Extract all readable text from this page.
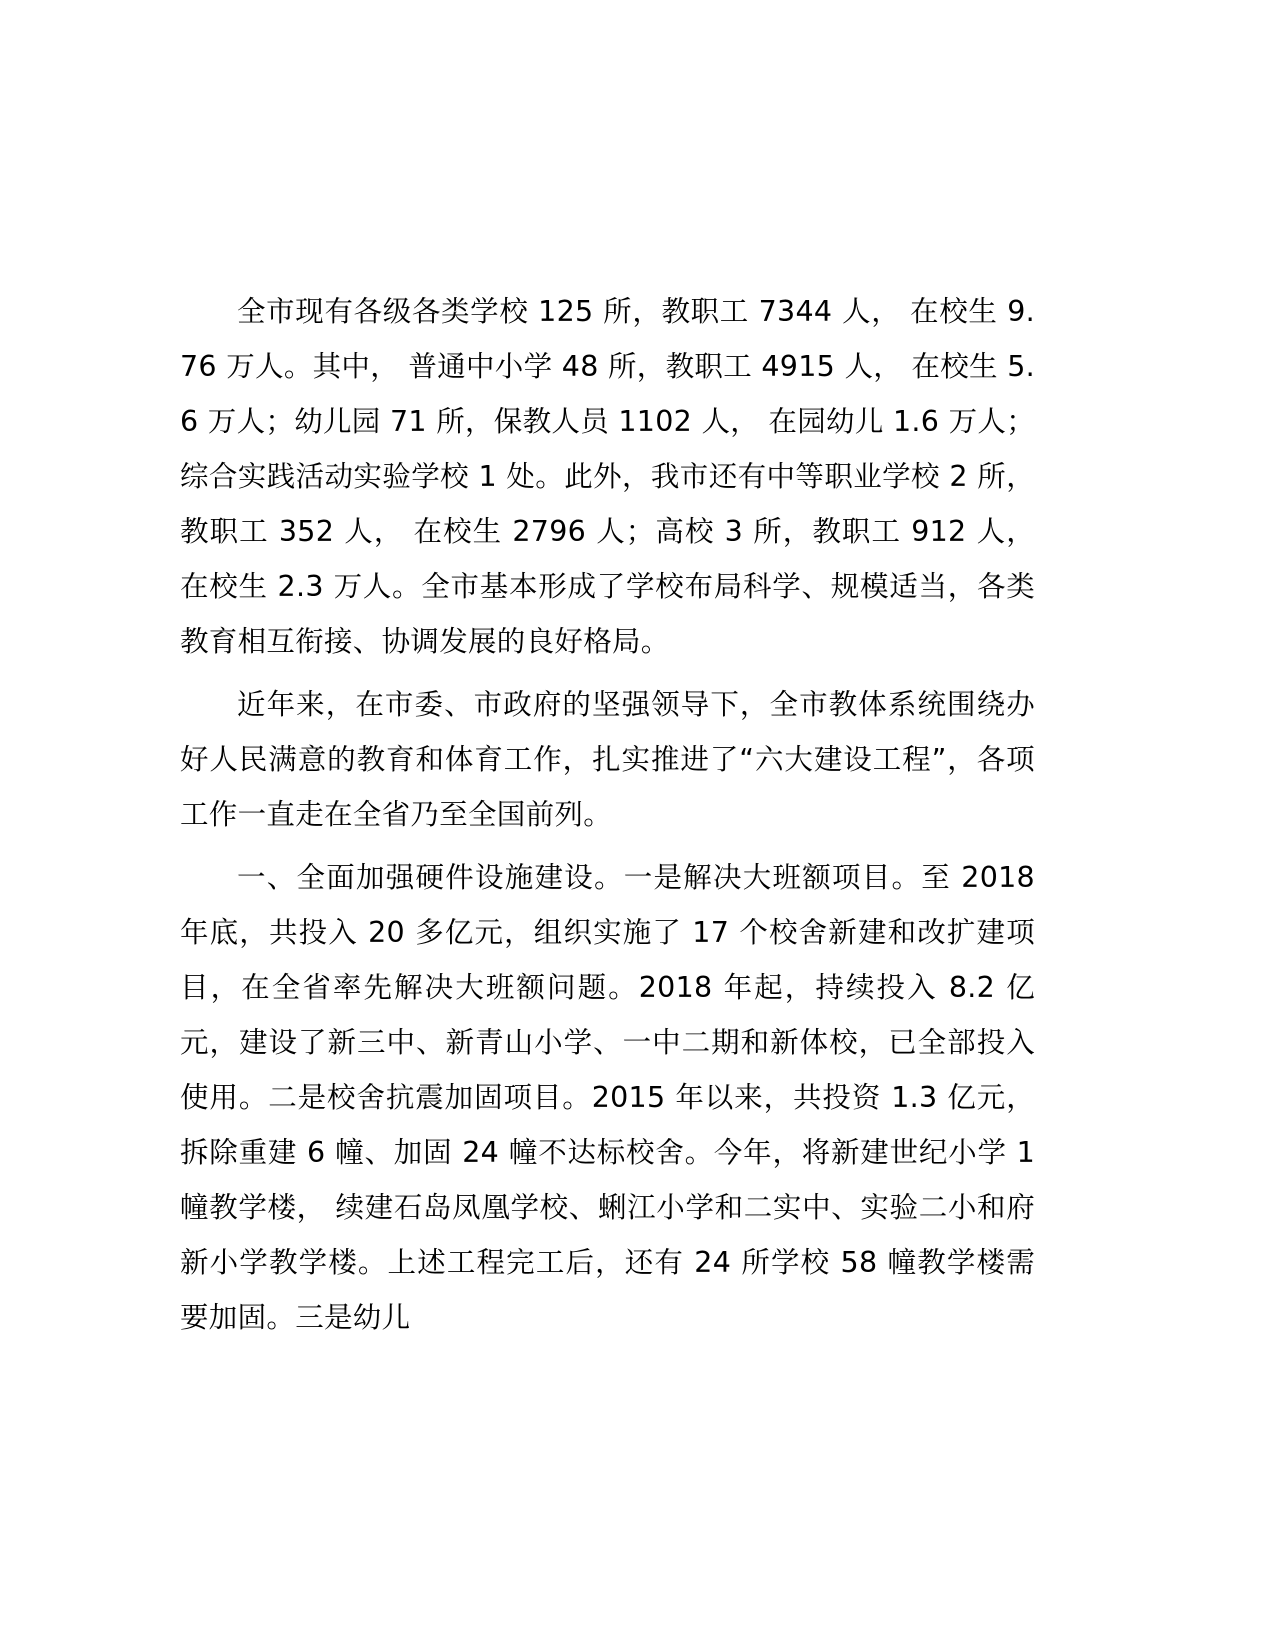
全市现有各级各类学校 125 所，教职工 7344 人， 在校生 9.76 万人。其中， 普通中小学 48 所，教职工 4915 人， 在校生 5.6 万人；幼儿园 71 所，保教人员 1102 人， 在园幼儿 1.6 万人；综合实践活动实验学校 1 处。此外，我市还有中等职业学校 2 所，教职工 352 人， 在校生 2796 人；高校 3 所，教职工 912 人， 在校生 2.3 万人。全市基本形成了学校布局科学、规模适当，各类教育相互衔接、协调发展的良好格局。

近年来，在市委、市政府的坚强领导下，全市教体系统围绕办好人民满意的教育和体育工作，扎实推进了“六大建设工程”，各项工作一直走在全省乃至全国前列。

一、全面加强硬件设施建设。一是解决大班额项目。至 2018 年底，共投入 20 多亿元，组织实施了 17 个校舍新建和改扩建项目，在全省率先解决大班额问题。2018 年起，持续投入 8.2 亿元，建设了新三中、新青山小学、一中二期和新体校，已全部投入使用。二是校舍抗震加固项目。2015 年以来，共投资 1.3 亿元，拆除重建 6 幢、加固 24 幢不达标校舍。今年，将新建世纪小学 1 幢教学楼， 续建石岛凤凰学校、蜊江小学和二实中、实验二小和府新小学教学楼。上述工程完工后，还有 24 所学校 58 幢教学楼需要加固。三是幼儿
